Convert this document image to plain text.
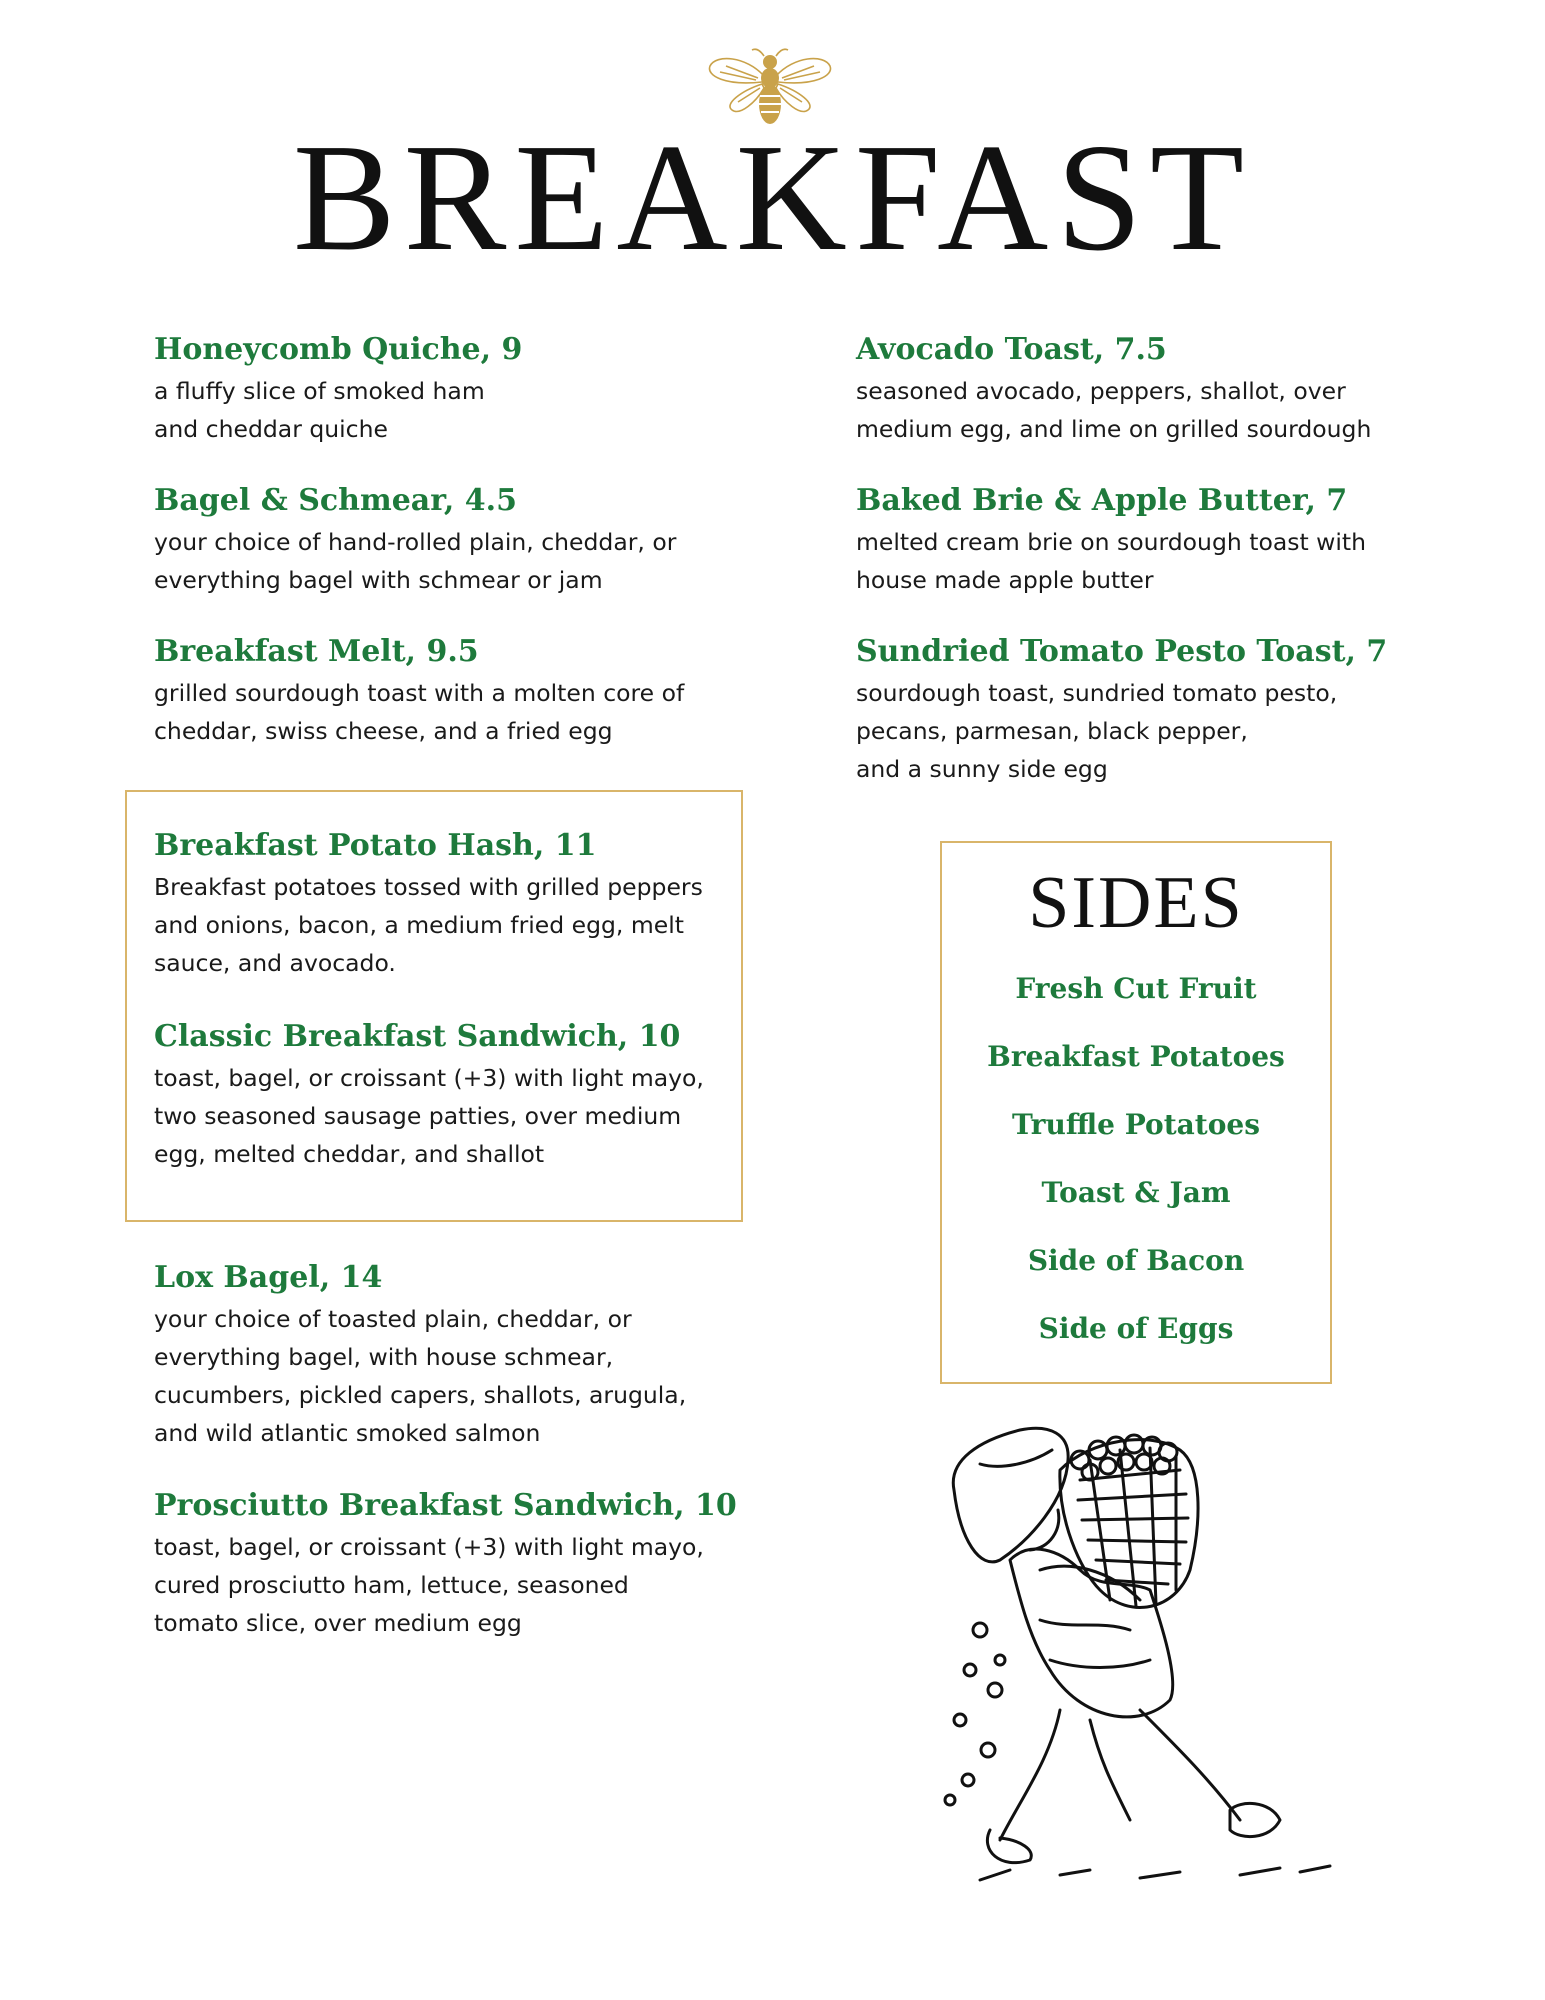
BREAKFAST
Honeycomb Quiche, 9
a fluffy slice of smoked ham
and cheddar quiche
Bagel & Schmear, 4.5
your choice of hand-rolled plain, cheddar, or
everything bagel with schmear or jam
Breakfast Melt, 9.5
grilled sourdough toast with a molten core of
cheddar, swiss cheese, and a fried egg
Breakfast Potato Hash, 11
Breakfast potatoes tossed with grilled peppers
and onions, bacon, a medium fried egg, melt
sauce, and avocado.
Classic Breakfast Sandwich, 10
toast, bagel, or croissant (+3) with light mayo,
two seasoned sausage patties, over medium
egg, melted cheddar, and shallot
Lox Bagel, 14
your choice of toasted plain, cheddar, or
everything bagel, with house schmear,
cucumbers, pickled capers, shallots, arugula,
and wild atlantic smoked salmon
Prosciutto Breakfast Sandwich, 10
toast, bagel, or croissant (+3) with light mayo,
cured prosciutto ham, lettuce, seasoned
tomato slice, over medium egg
Avocado Toast, 7.5
seasoned avocado, peppers, shallot, over
medium egg, and lime on grilled sourdough
Baked Brie & Apple Butter, 7
melted cream brie on sourdough toast with
house made apple butter
Sundried Tomato Pesto Toast, 7
sourdough toast, sundried tomato pesto,
pecans, parmesan, black pepper,
and a sunny side egg
SIDES
Fresh Cut Fruit
Breakfast Potatoes
Truffle Potatoes
Toast & Jam
Side of Bacon
Side of Eggs
